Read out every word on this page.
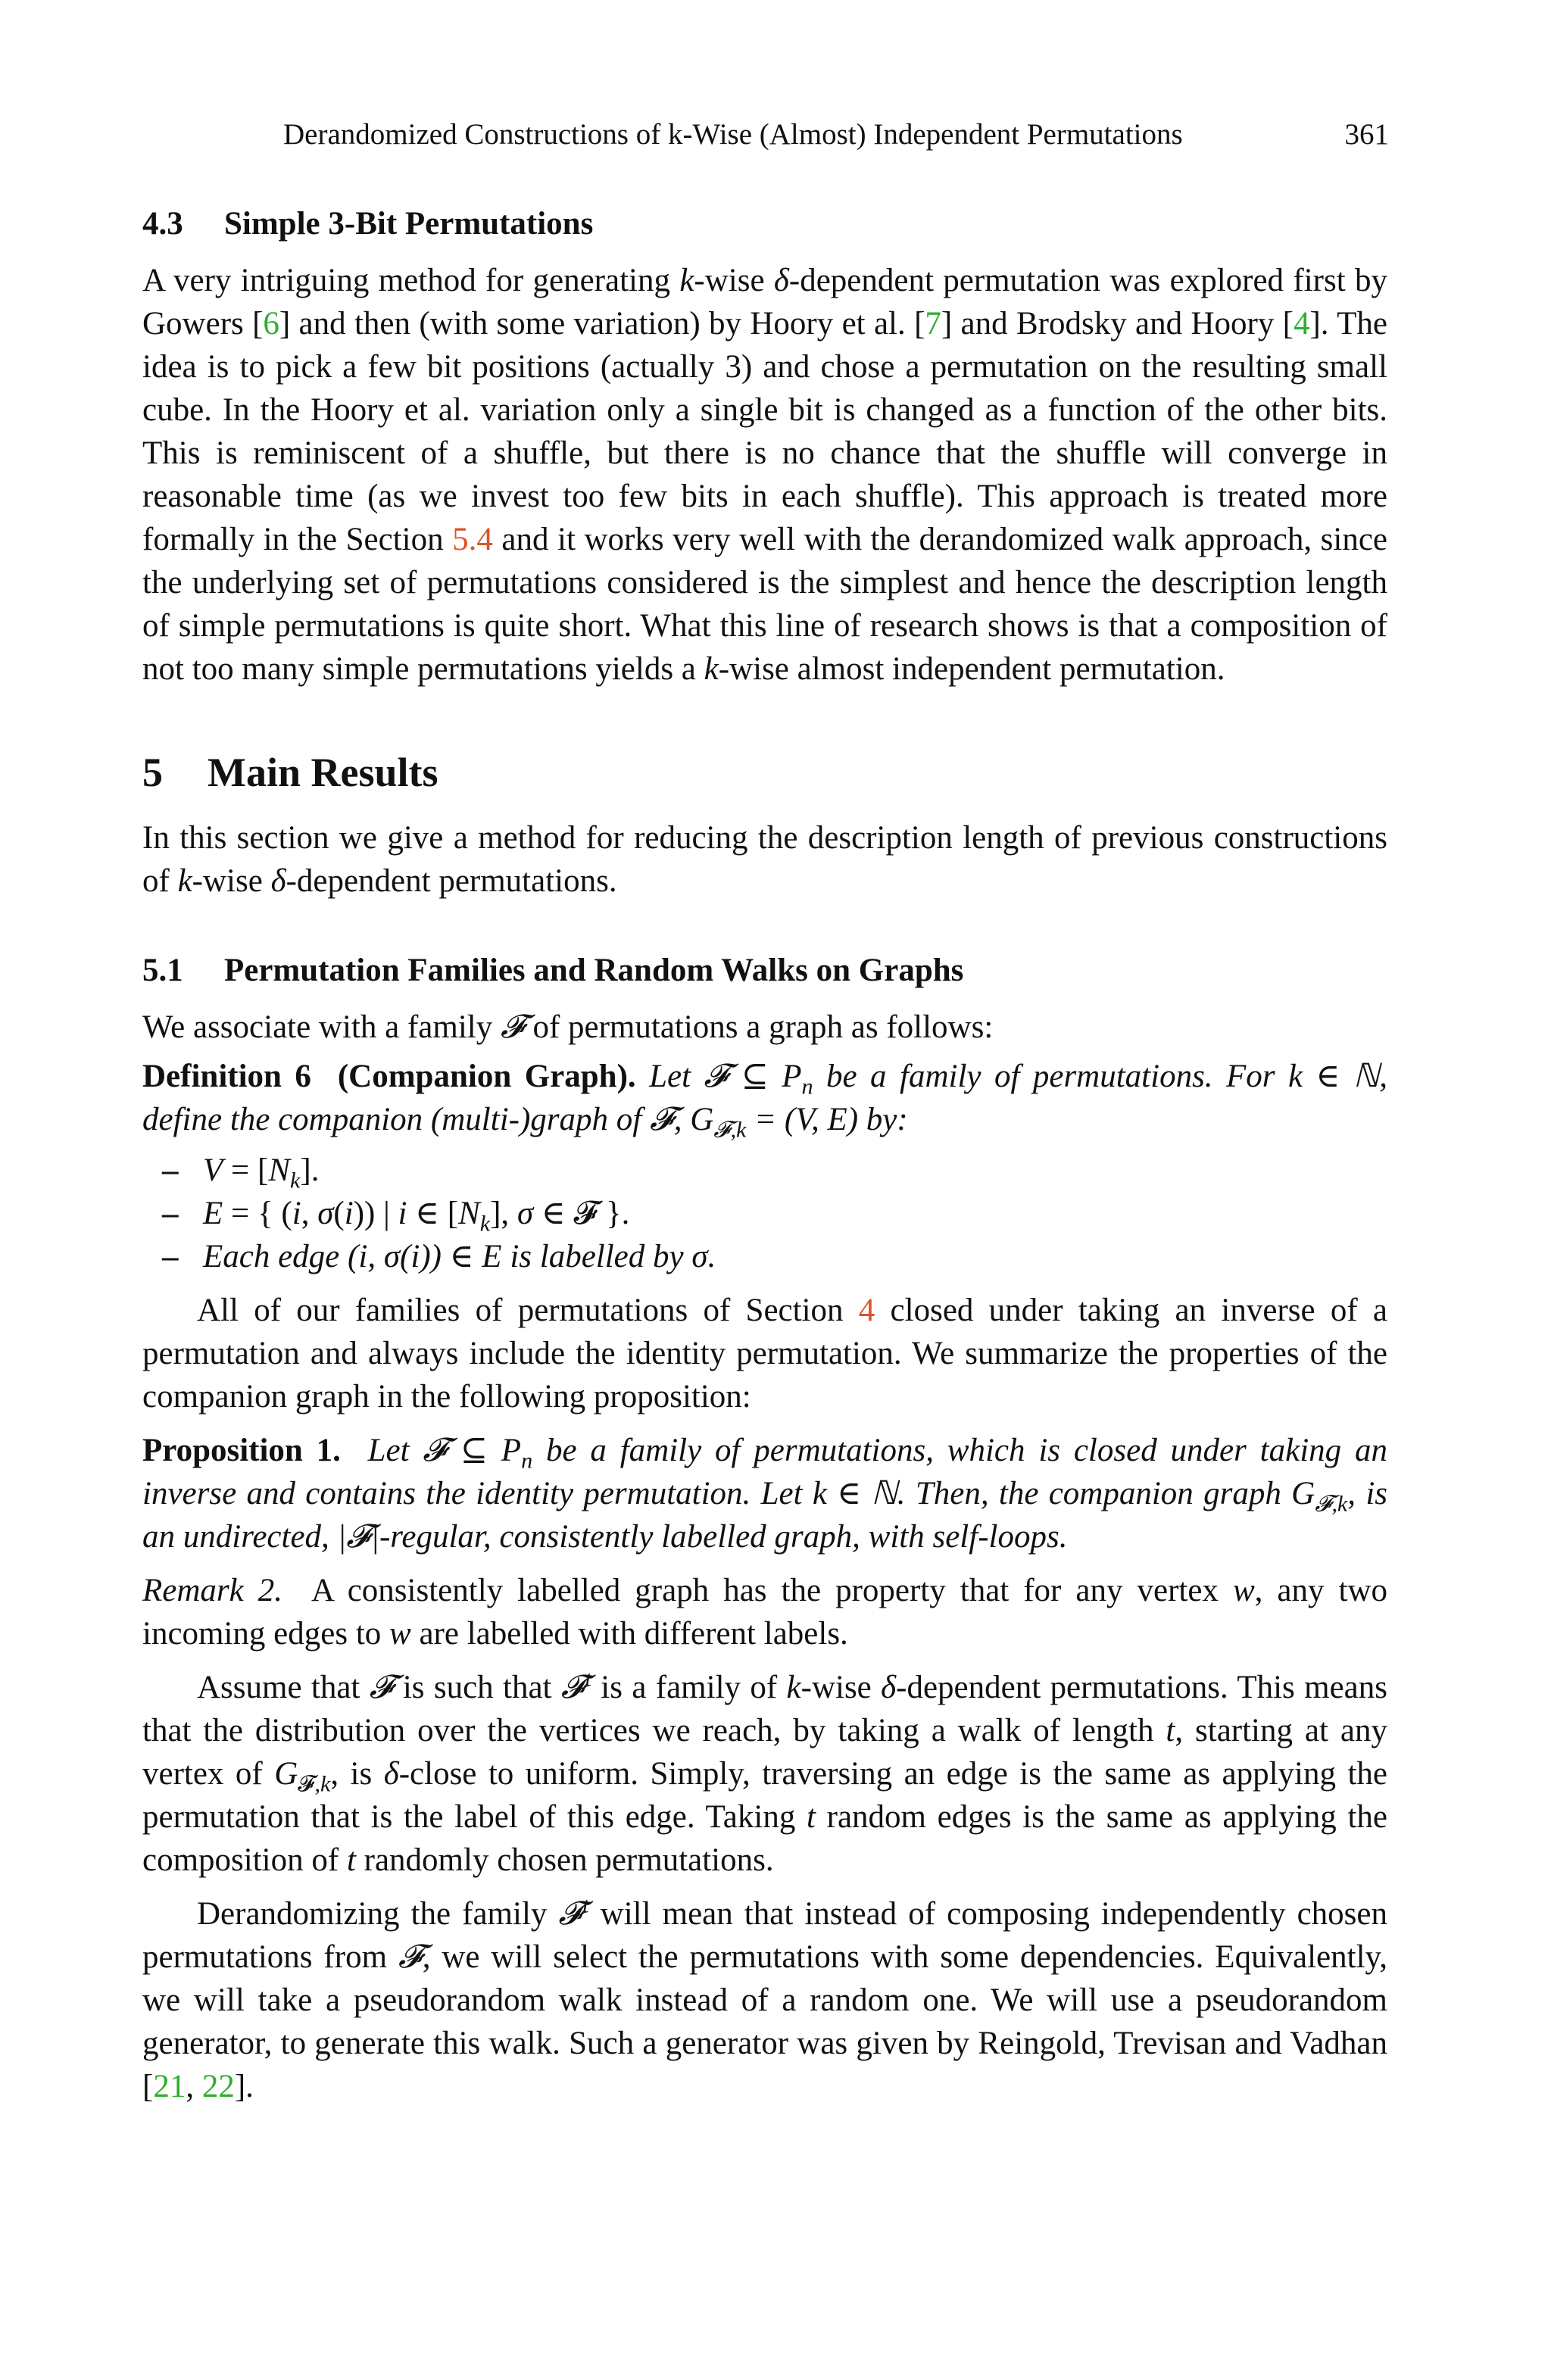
Derandomized Constructions of k-Wise (Almost) Independent Permutations	361
4.3 Simple 3-Bit Permutations

A very intriguing method for generating k-wise δ-dependent permutation was explored first by Gowers [6] and then (with some variation) by Hoory et al. [7] and Brodsky and Hoory [4]. The idea is to pick a few bit positions (actually 3) and chose a permutation on the resulting small cube. In the Hoory et al. variation only a single bit is changed as a function of the other bits. This is reminiscent of a shuffle, but there is no chance that the shuffle will converge in reasonable time (as we invest too few bits in each shuffle). This approach is treated more formally in the Section 5.4 and it works very well with the derandomized walk approach, since the underlying set of permutations considered is the simplest and hence the description length of simple permutations is quite short. What this line of research shows is that a composition of not too many simple permutations yields a k-wise almost independent permutation.

5 Main Results

In this section we give a method for reducing the description length of previous constructions of k-wise δ-dependent permutations.

5.1 Permutation Families and Random Walks on Graphs

We associate with a family 𝓕 of permutations a graph as follows:

Definition 6 (Companion Graph). Let 𝓕 ⊆ $P_n$ be a family of permutations. For k ∈ ℕ, define the companion (multi-)graph of 𝓕, $G_{𝓕,k} = (V$, E) by:

– $V = [N_k]$.
– E = { (i, σ(i)) | i ∈ $[N_k]$, σ ∈ 𝓕 }.
– Each edge (i, σ(i)) ∈ E is labelled by σ.

All of our families of permutations of Section 4 closed under taking an inverse of a permutation and always include the identity permutation. We summarize the properties of the companion graph in the following proposition:

Proposition 1. Let 𝓕 ⊆ $P_n$ be a family of permutations, which is closed under taking an inverse and contains the identity permutation. Let k ∈ ℕ. Then, the companion graph $G_{𝓕,k}$, is an undirected, |𝓕|-regular, consistently labelled graph, with self-loops.

Remark 2. A consistently labelled graph has the property that for any vertex w, any two incoming edges to w are labelled with different labels.

Assume that 𝓕 is such that 𝓕$^t$ is a family of k-wise δ-dependent permutations. This means that the distribution over the vertices we reach, by taking a walk of length t, starting at any vertex of $G_{𝓕,k}$, is δ-close to uniform. Simply, traversing an edge is the same as applying the permutation that is the label of this edge. Taking t random edges is the same as applying the composition of t randomly chosen permutations.

Derandomizing the family 𝓕$^t$ will mean that instead of composing independently chosen permutations from 𝓕, we will select the permutations with some dependencies. Equivalently, we will take a pseudorandom walk instead of a random one. We will use a pseudorandom generator, to generate this walk. Such a generator was given by Reingold, Trevisan and Vadhan [21, 22].
